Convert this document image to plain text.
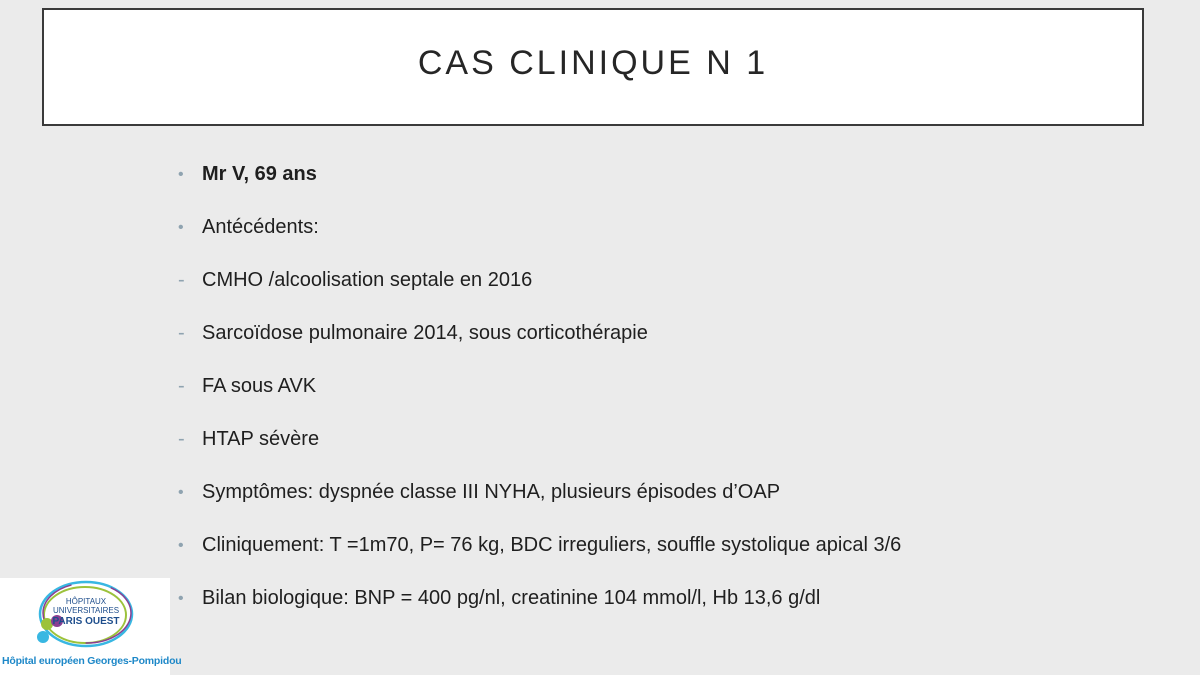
CAS CLINIQUE N 1
• Mr V, 69 ans
• Antécédents:
- CMHO /alcoolisation septale en 2016
- Sarcoïdose pulmonaire 2014, sous corticothérapie
- FA sous AVK
- HTAP sévère
• Symptômes: dyspnée classe III NYHA, plusieurs épisodes d’OAP
• Cliniquement: T =1m70, P= 76 kg, BDC irreguliers, souffle systolique apical 3/6
• Bilan biologique: BNP = 400 pg/nl, creatinine 104 mmol/l, Hb 13,6 g/dl
HÔPITAUX
UNIVERSITAIRES
PARIS OUEST
Hôpital européen Georges-Pompidou
